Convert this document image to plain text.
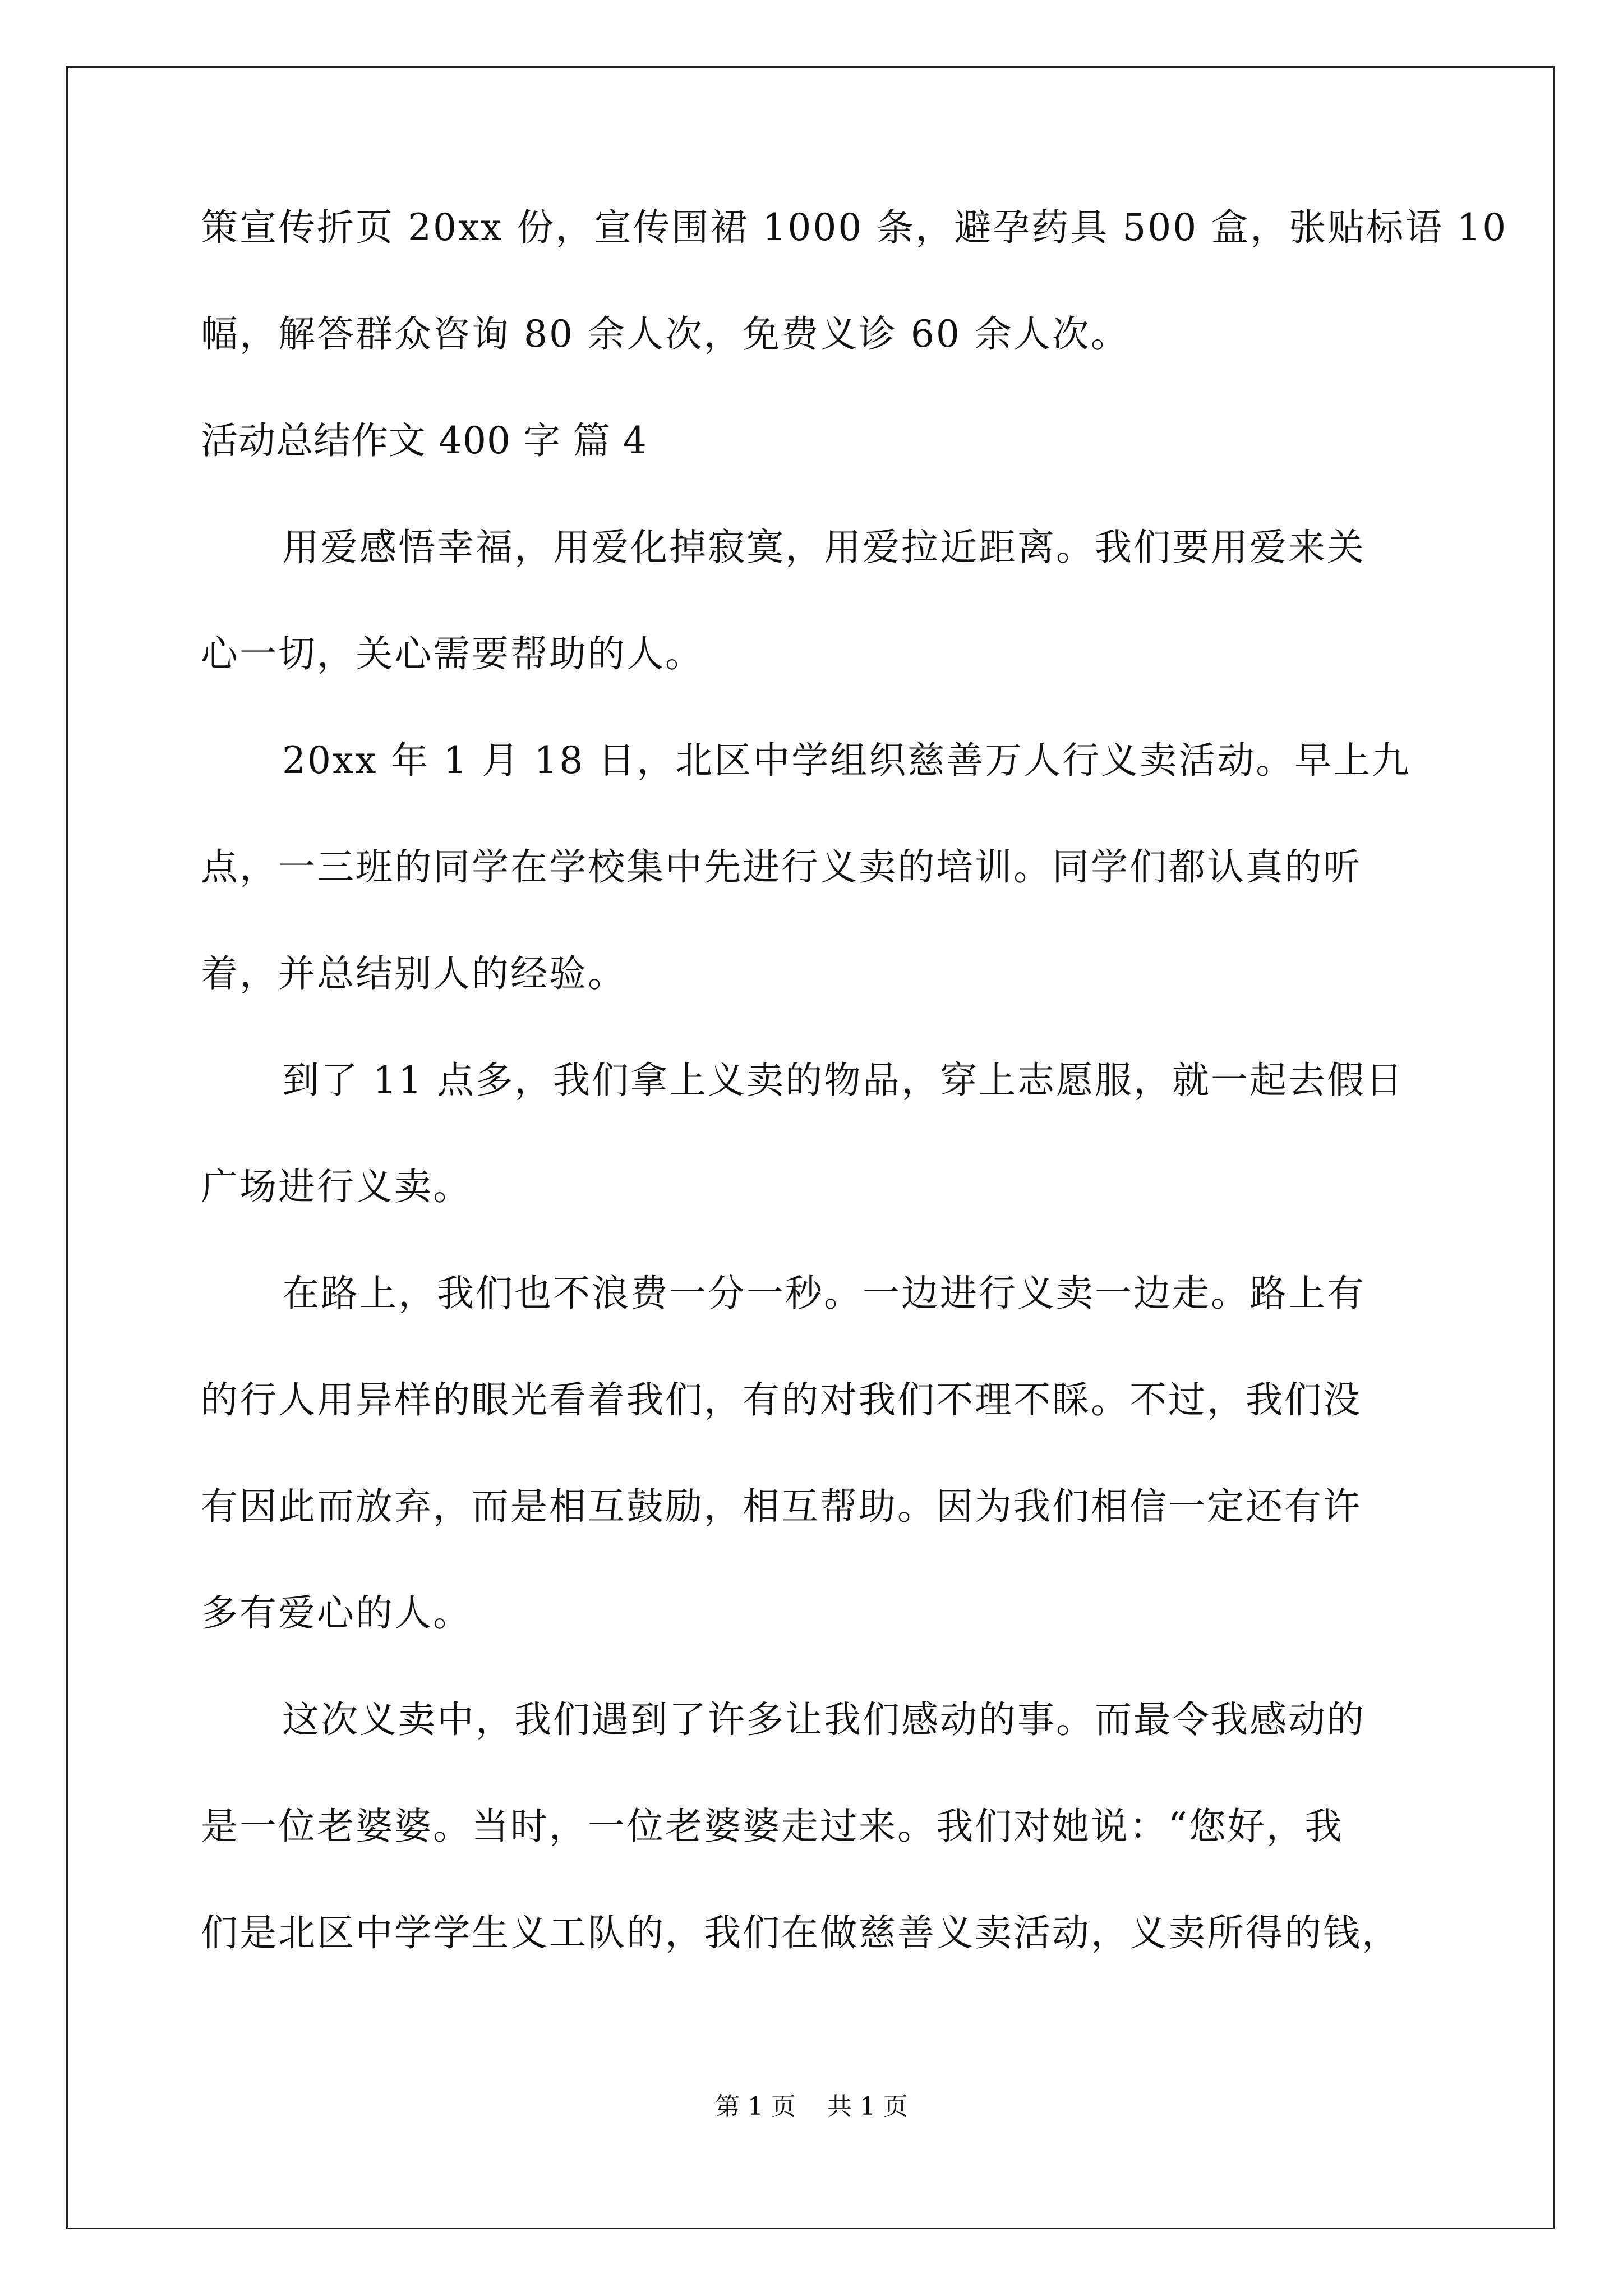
策宣传折页 20xx 份，宣传围裙 1000 条，避孕药具 500 盒，张贴标语 10
幅，解答群众咨询 80 余人次，免费义诊 60 余人次。
活动总结作文 400 字 篇 4
用爱感悟幸福，用爱化掉寂寞，用爱拉近距离。我们要用爱来关
心一切，关心需要帮助的人。
20xx 年 1 月 18 日，北区中学组织慈善万人行义卖活动。早上九
点，一三班的同学在学校集中先进行义卖的培训。同学们都认真的听
着，并总结别人的经验。
到了 11 点多，我们拿上义卖的物品，穿上志愿服，就一起去假日
广场进行义卖。
在路上，我们也不浪费一分一秒。一边进行义卖一边走。路上有
的行人用异样的眼光看着我们，有的对我们不理不睬。不过，我们没
有因此而放弃，而是相互鼓励，相互帮助。因为我们相信一定还有许
多有爱心的人。
这次义卖中，我们遇到了许多让我们感动的事。而最令我感动的
是一位老婆婆。当时，一位老婆婆走过来。我们对她说：“您好，我
们是北区中学学生义工队的，我们在做慈善义卖活动，义卖所得的钱，
第 1 页    共 1 页
